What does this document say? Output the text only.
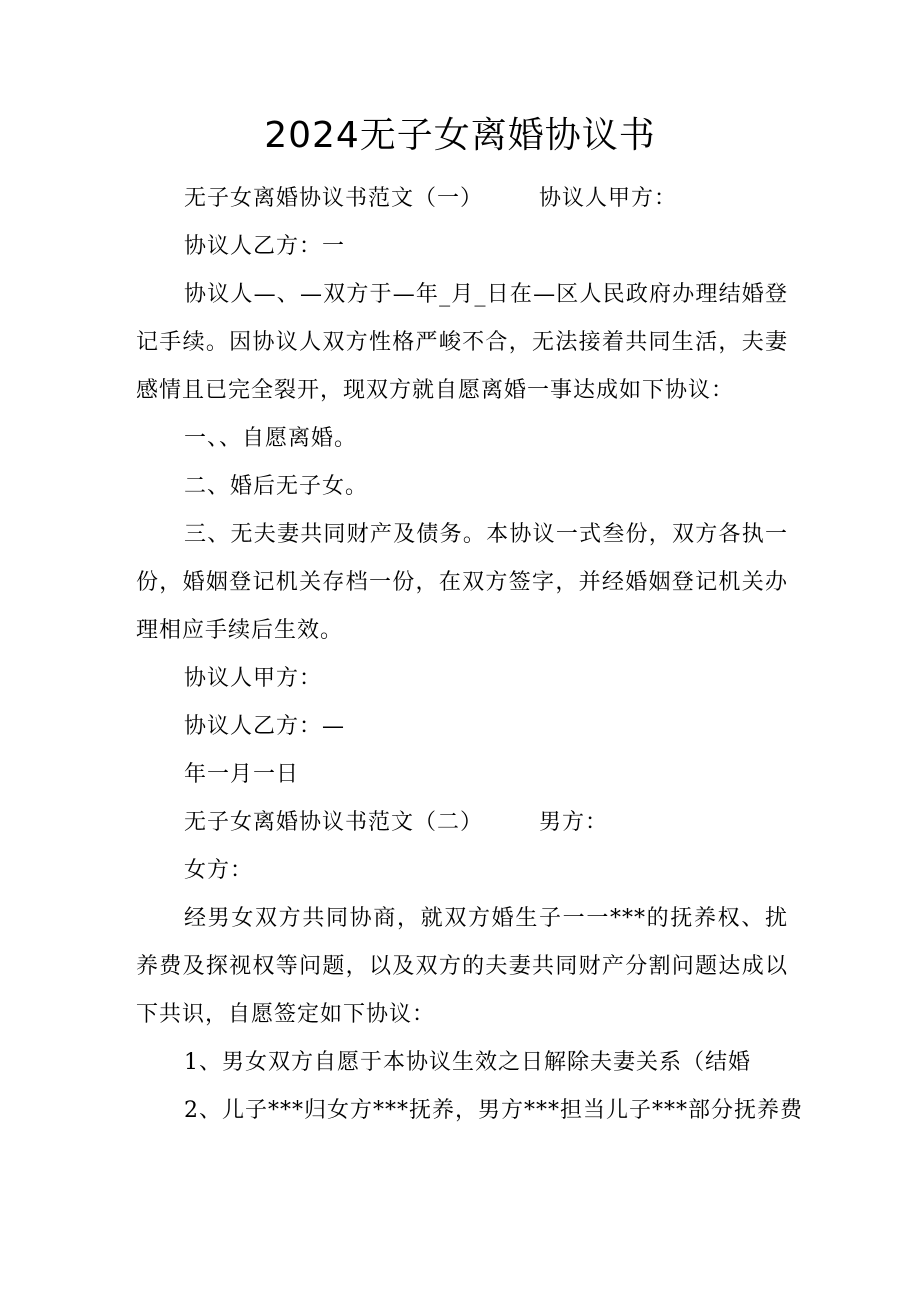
2024无子女离婚协议书

无子女离婚协议书范文（一）	协议人甲方：

协议人乙方：一

协议人—、—双方于—年_月_日在—区人民政府办理结婚登记手续。因协议人双方性格严峻不合，无法接着共同生活，夫妻感情且已完全裂开，现双方就自愿离婚一事达成如下协议：

一、、自愿离婚。

二、婚后无子女。

三、无夫妻共同财产及债务。本协议一式叁份，双方各执一份，婚姻登记机关存档一份，在双方签字，并经婚姻登记机关办理相应手续后生效。

协议人甲方：

协议人乙方：—

年一月一日

无子女离婚协议书范文（二）	男方：

女方：

经男女双方共同协商，就双方婚生子一一***的抚养权、扰养费及探视权等问题，以及双方的夫妻共同财产分割问题达成以下共识，自愿签定如下协议：

1、男女双方自愿于本协议生效之日解除夫妻关系（结婚

2、儿子***归女方***抚养，男方***担当儿子***部分抚养费
